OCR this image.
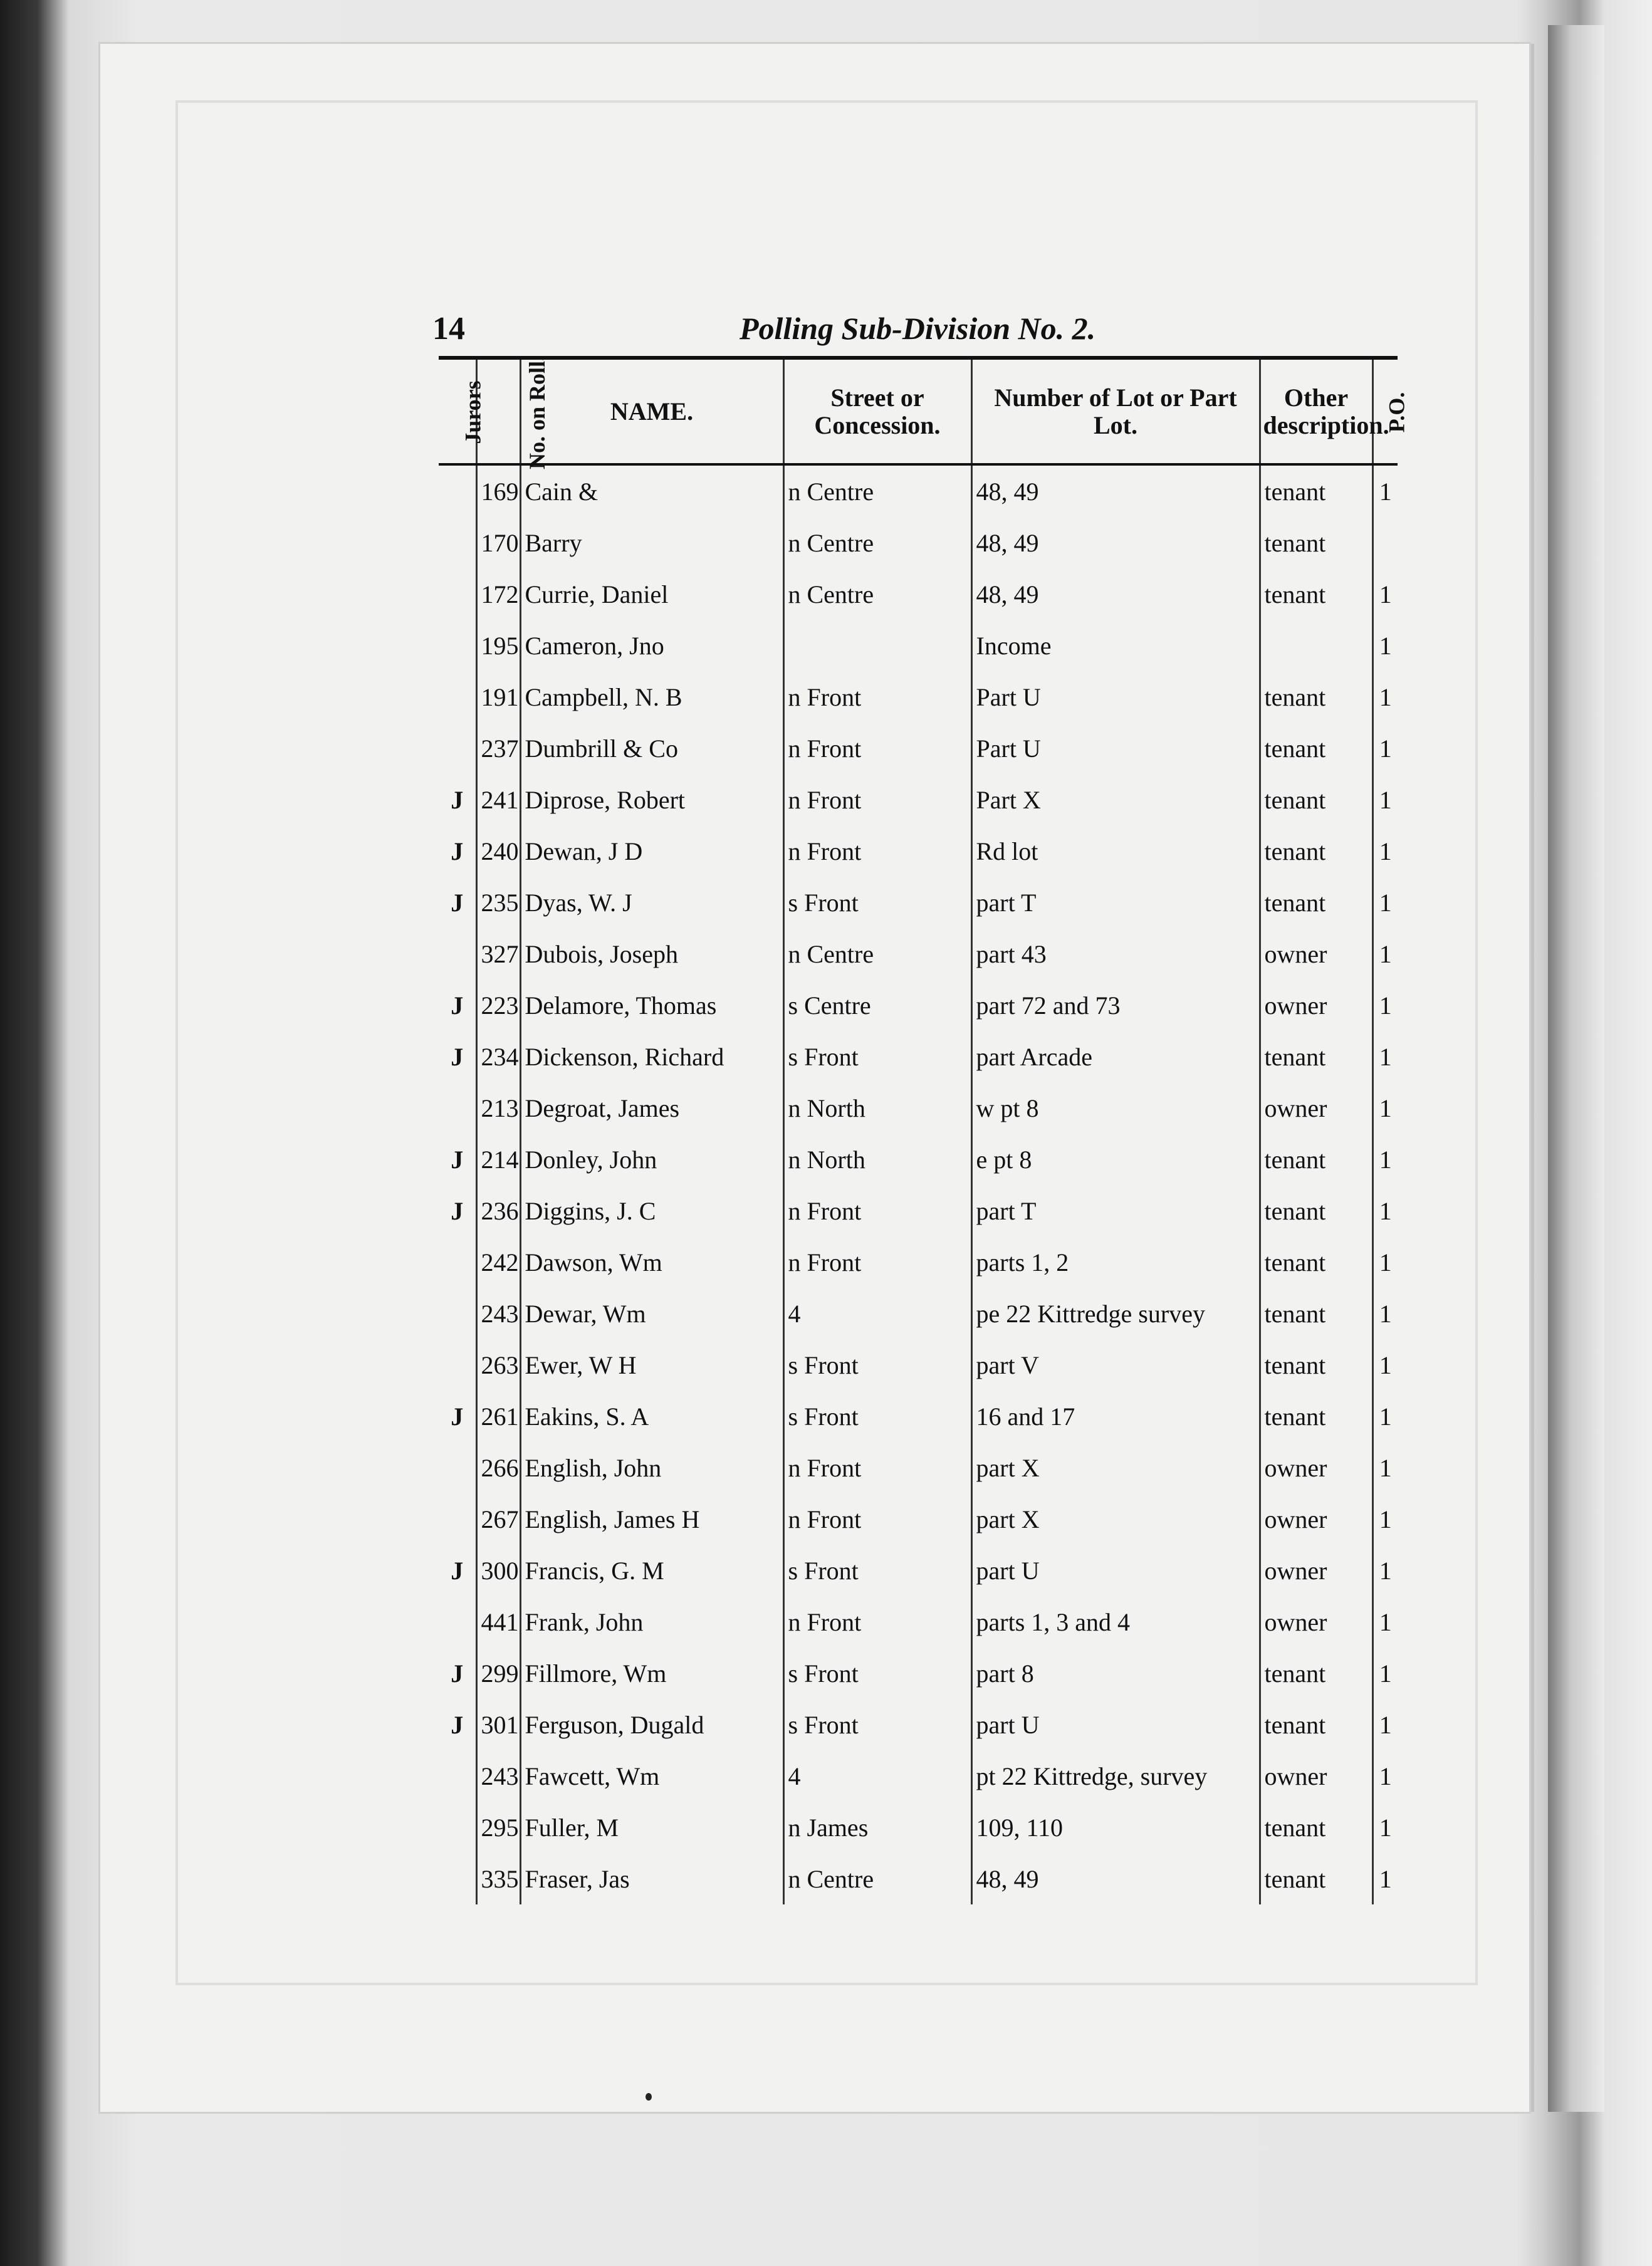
14	Polling Sub-Division No. 2.
Jurors	No. on Roll.	NAME.	Street or Concession.	Number of Lot or Part Lot.	Other description.	P.O.
	169	Cain &	n Centre	48, 49	tenant	1
	170	Barry	n Centre	48, 49	tenant	
	172	Currie, Daniel	n Centre	48, 49	tenant	1
	195	Cameron, Jno		Income		1
	191	Campbell, N. B	n Front	Part U	tenant	1
	237	Dumbrill & Co	n Front	Part U	tenant	1
J	241	Diprose, Robert	n Front	Part X	tenant	1
J	240	Dewan, J D	n Front	Rd lot	tenant	1
J	235	Dyas, W. J	s Front	part T	tenant	1
	327	Dubois, Joseph	n Centre	part 43	owner	1
J	223	Delamore, Thomas	s Centre	part 72 and 73	owner	1
J	234	Dickenson, Richard	s Front	part Arcade	tenant	1
	213	Degroat, James	n North	w pt 8	owner	1
J	214	Donley, John	n North	e pt 8	tenant	1
J	236	Diggins, J. C	n Front	part T	tenant	1
	242	Dawson, Wm	n Front	parts 1, 2	tenant	1
	243	Dewar, Wm	4	pe 22 Kittredge survey	tenant	1
	263	Ewer, W H	s Front	part V	tenant	1
J	261	Eakins, S. A	s Front	16 and 17	tenant	1
	266	English, John	n Front	part X	owner	1
	267	English, James H	n Front	part X	owner	1
J	300	Francis, G. M	s Front	part U	owner	1
	441	Frank, John	n Front	parts 1, 3 and 4	owner	1
J	299	Fillmore, Wm	s Front	part 8	tenant	1
J	301	Ferguson, Dugald	s Front	part U	tenant	1
	243	Fawcett, Wm	4	pt 22 Kittredge, survey	owner	1
	295	Fuller, M	n James	109, 110	tenant	1
	335	Fraser, Jas	n Centre	48, 49	tenant	1
